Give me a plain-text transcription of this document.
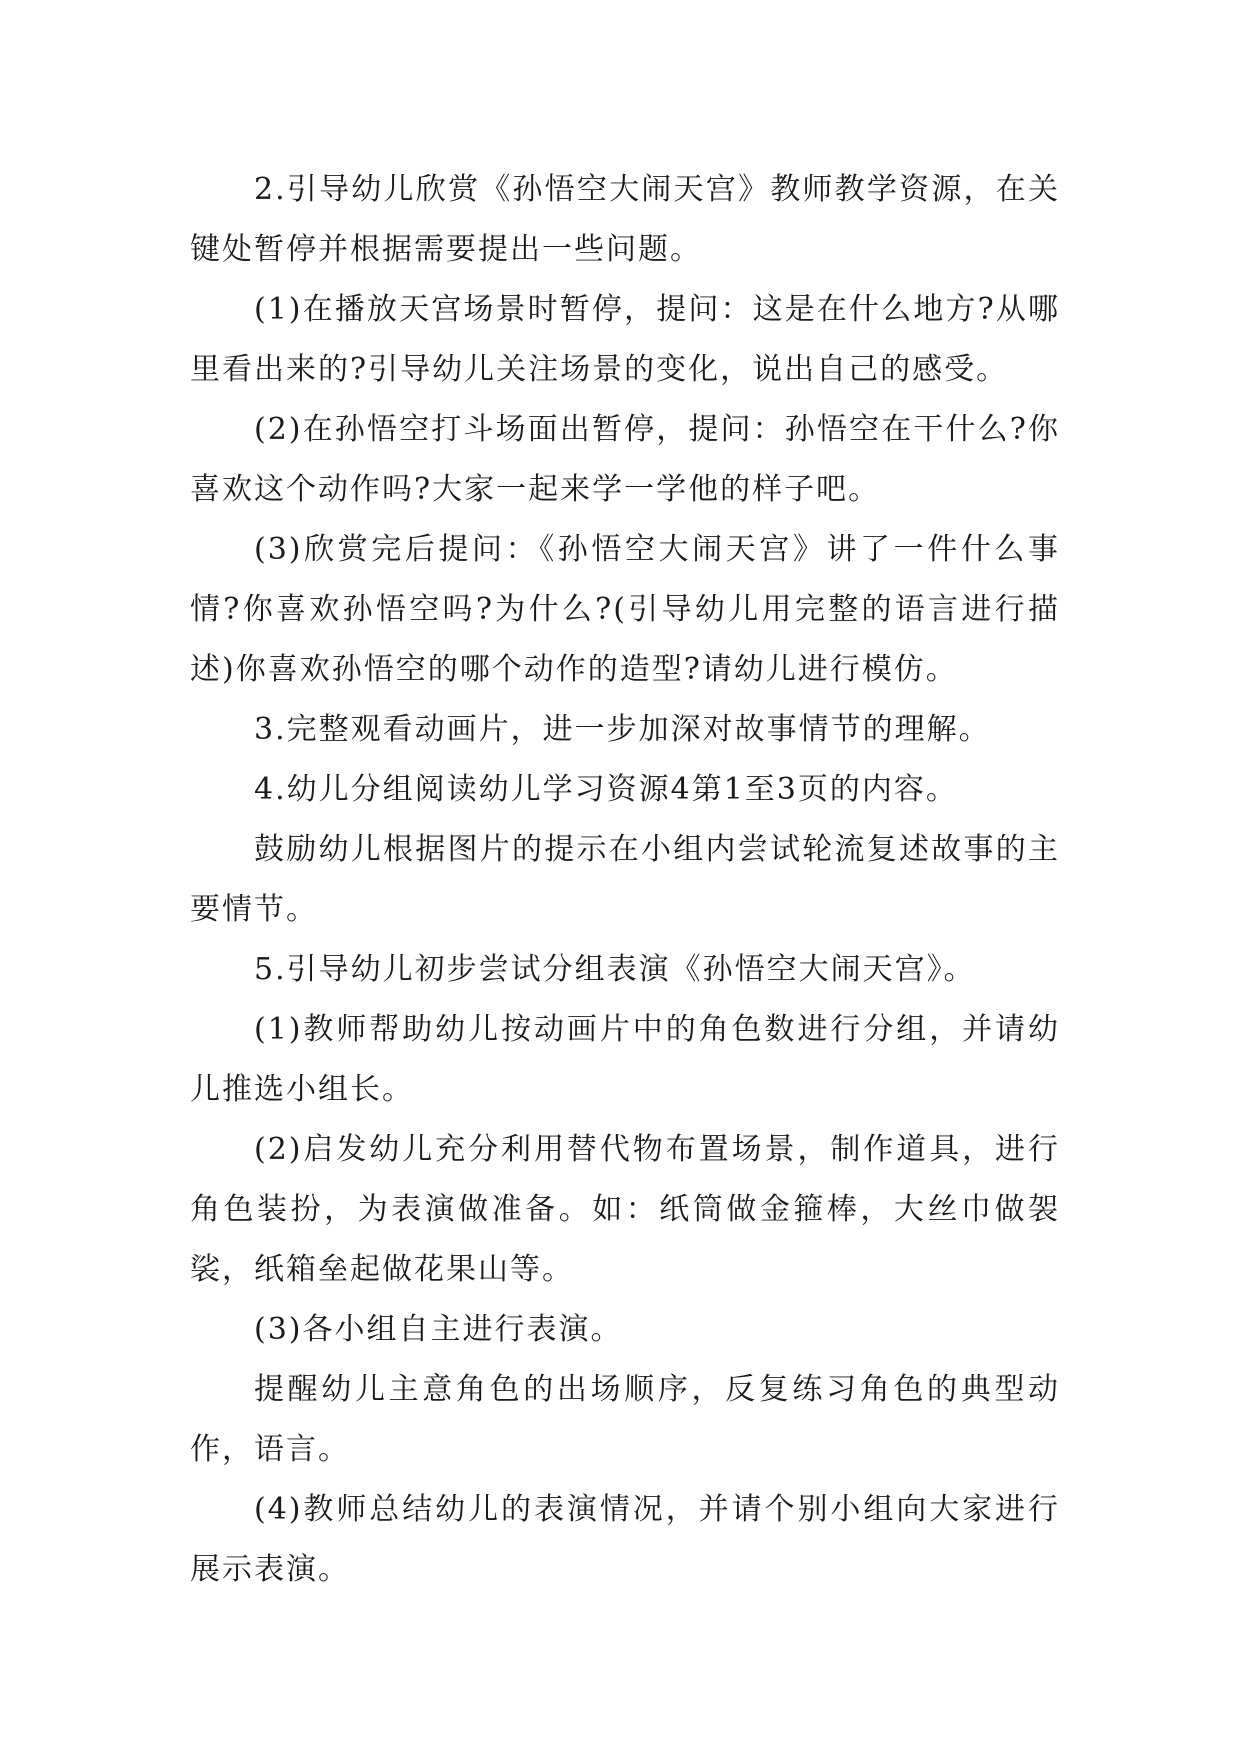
2.引导幼儿欣赏《孙悟空大闹天宫》教师教学资源，在关键处暂停并根据需要提出一些问题。

(1)在播放天宫场景时暂停，提问：这是在什么地方?从哪里看出来的?引导幼儿关注场景的变化，说出自己的感受。

(2)在孙悟空打斗场面出暂停，提问：孙悟空在干什么?你喜欢这个动作吗?大家一起来学一学他的样子吧。

(3)欣赏完后提问：《孙悟空大闹天宫》讲了一件什么事情?你喜欢孙悟空吗?为什么?(引导幼儿用完整的语言进行描述)你喜欢孙悟空的哪个动作的造型?请幼儿进行模仿。

3.完整观看动画片，进一步加深对故事情节的理解。

4.幼儿分组阅读幼儿学习资源4第1至3页的内容。

鼓励幼儿根据图片的提示在小组内尝试轮流复述故事的主要情节。

5.引导幼儿初步尝试分组表演《孙悟空大闹天宫》。

(1)教师帮助幼儿按动画片中的角色数进行分组，并请幼儿推选小组长。

(2)启发幼儿充分利用替代物布置场景，制作道具，进行角色装扮，为表演做准备。如：纸筒做金箍棒，大丝巾做袈裟，纸箱垒起做花果山等。

(3)各小组自主进行表演。

提醒幼儿主意角色的出场顺序，反复练习角色的典型动作，语言。

(4)教师总结幼儿的表演情况，并请个别小组向大家进行展示表演。
